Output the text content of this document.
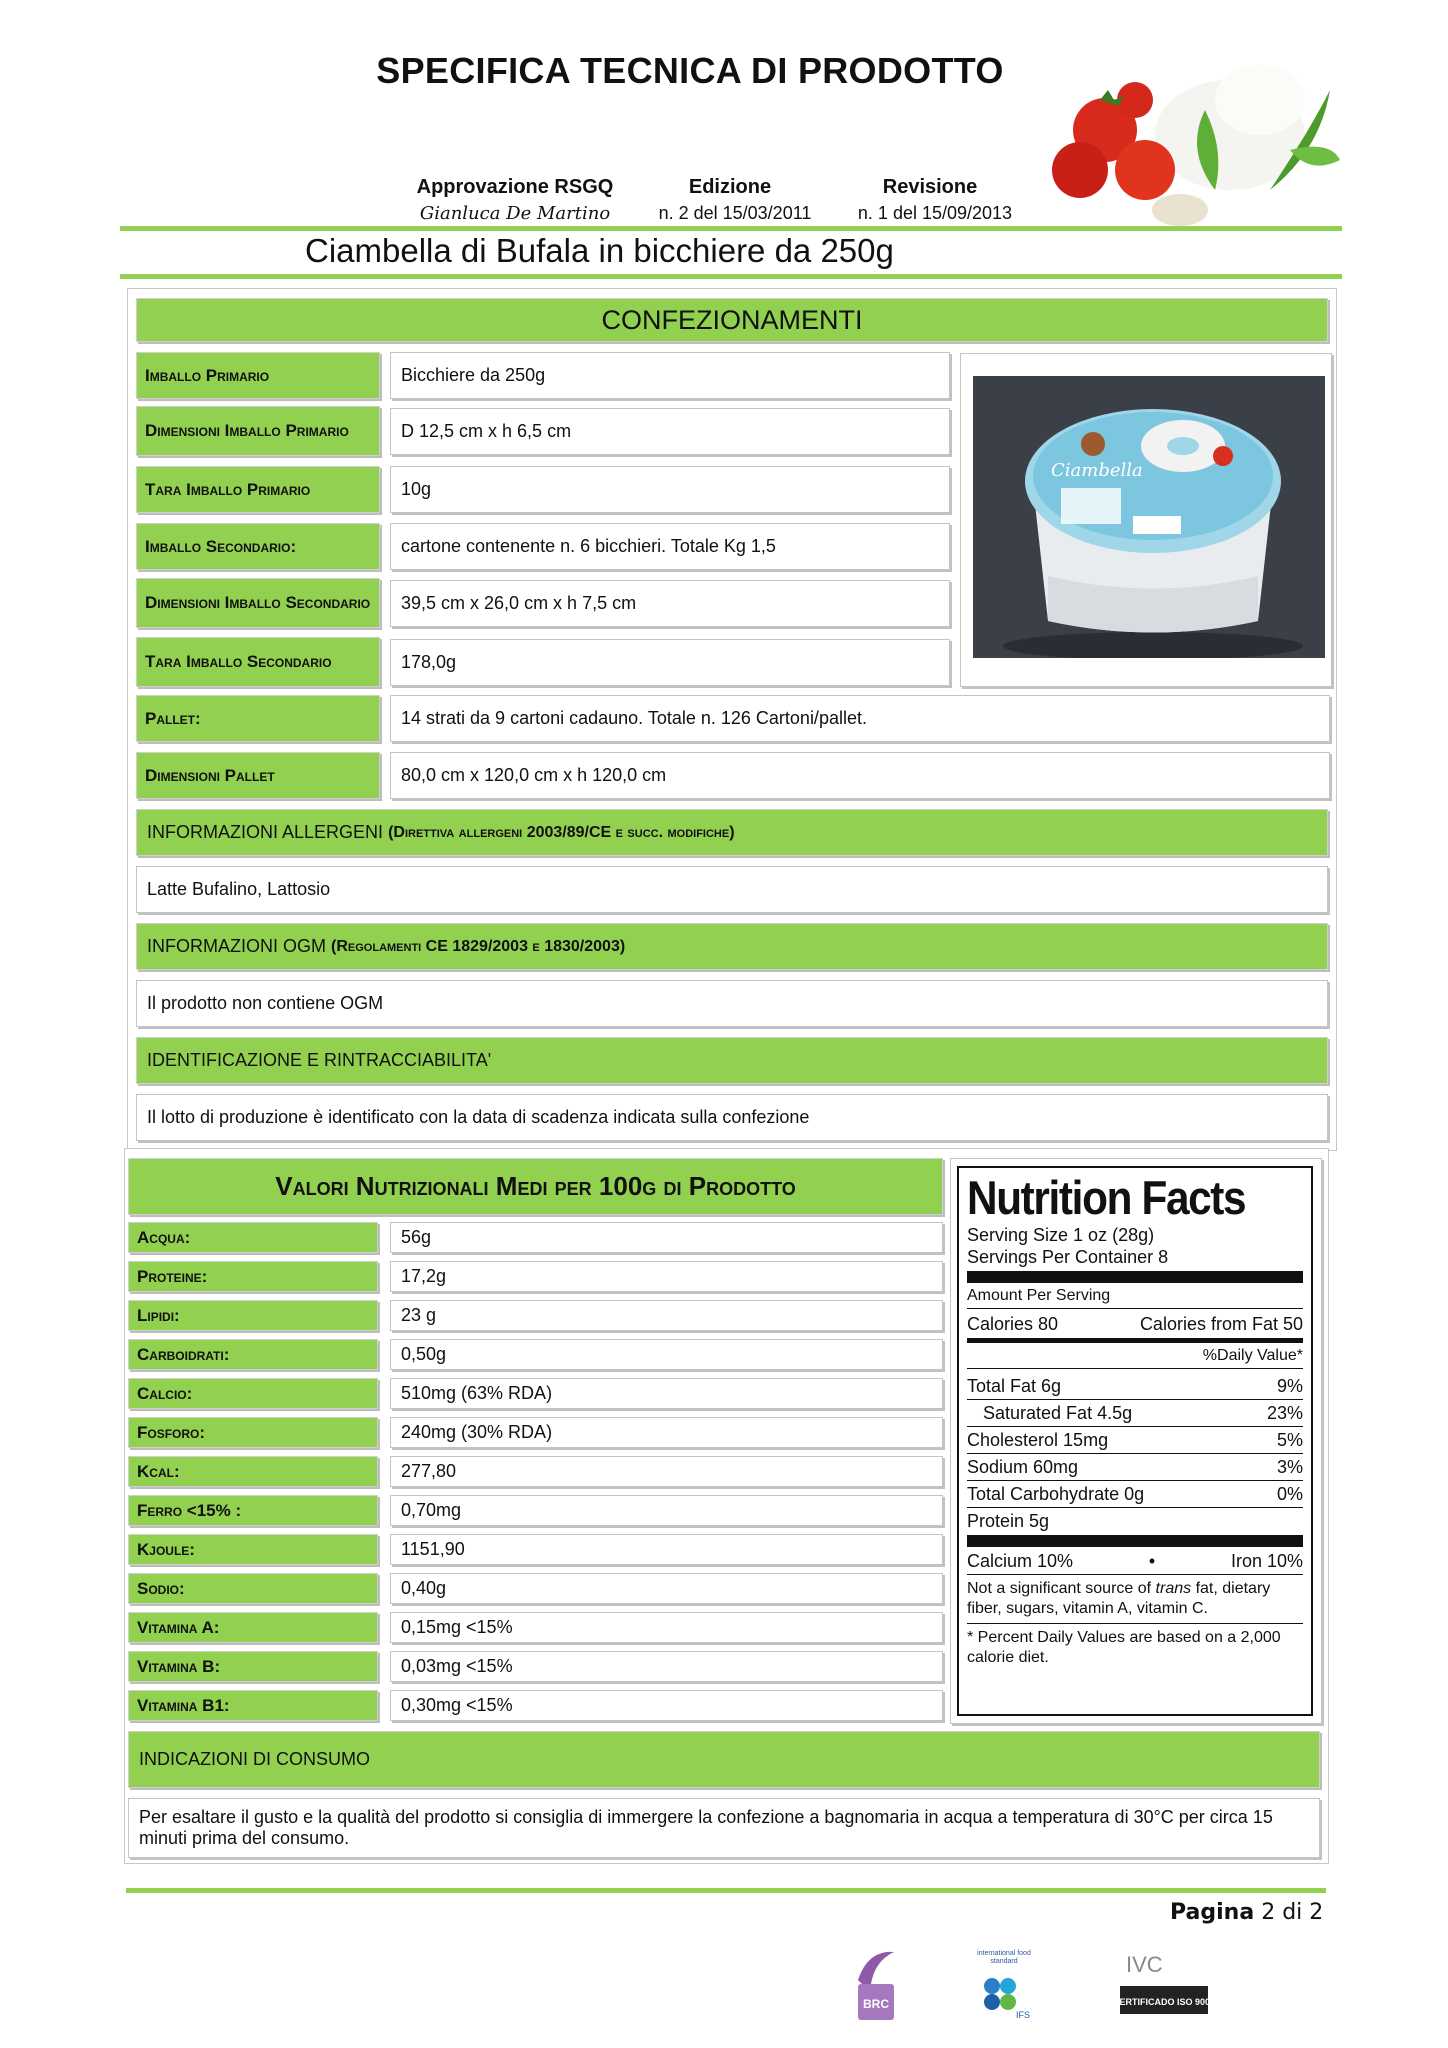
SPECIFICA TECNICA DI PRODOTTO
Approvazione RSGQ
Gianluca De Martino
Edizione
n. 2 del 15/03/2011
Revisione
n. 1 del 15/09/2013
Ciambella di Bufala in bicchiere da 250g
CONFEZIONAMENTI
Imballo Primario	Bicchiere da 250g
Dimensioni Imballo Primario	D 12,5 cm x h 6,5 cm
Tara Imballo Primario	10g
Imballo Secondario:	cartone contenente n. 6 bicchieri. Totale Kg 1,5
Dimensioni Imballo Secondario	39,5 cm x 26,0 cm x h 7,5 cm
Tara Imballo Secondario	178,0g
Pallet:	14 strati da 9 cartoni cadauno. Totale n. 126 Cartoni/pallet.
Dimensioni Pallet	80,0 cm x 120,0 cm x h 120,0 cm
Ciambella
INFORMAZIONI ALLERGENI
(Direttiva allergeni 2003/89/CE e succ. modifiche)
Latte Bufalino, Lattosio
INFORMAZIONI OGM
(Regolamenti CE 1829/2003 e 1830/2003)
Il prodotto non contiene OGM
IDENTIFICAZIONE E RINTRACCIABILITA'
Il lotto di produzione è identificato con la data di scadenza indicata sulla confezione
Valori Nutrizionali Medi per 100g di Prodotto
Acqua:	56g
Proteine:	17,2g
Lipidi:	23 g
Carboidrati:	0,50g
Calcio:	510mg (63% RDA)
Fosforo:	240mg (30% RDA)
Kcal:	277,80
Ferro <15% :	0,70mg
Kjoule:	1151,90
Sodio:	0,40g
Vitamina A:	0,15mg <15%
Vitamina B:	0,03mg <15%
Vitamina B1:	0,30mg <15%
Nutrition Facts
Serving Size 1 oz (28g)
Servings Per Container 8
Amount Per Serving
Calories 80	Calories from Fat 50
%Daily Value*
Total Fat 6g	9%
Saturated Fat 4.5g	23%
Cholesterol 15mg	5%
Sodium 60mg	3%
Total Carbohydrate 0g	0%
Protein 5g
Calcium 10%	•	Iron 10%
Not a significant source of trans fat, dietary fiber, sugars, vitamin A, vitamin C.
* Percent Daily Values are based on a 2,000 calorie diet.
INDICAZIONI DI CONSUMO
Per esaltare il gusto e la qualità del prodotto si consiglia di immergere la confezione a bagnomaria in acqua a temperatura di 30°C per circa 15 minuti prima del consumo.
Pagina 2 di 2
BRC
international food standard
IFS
IVC
CERTIFICADO ISO 9001
